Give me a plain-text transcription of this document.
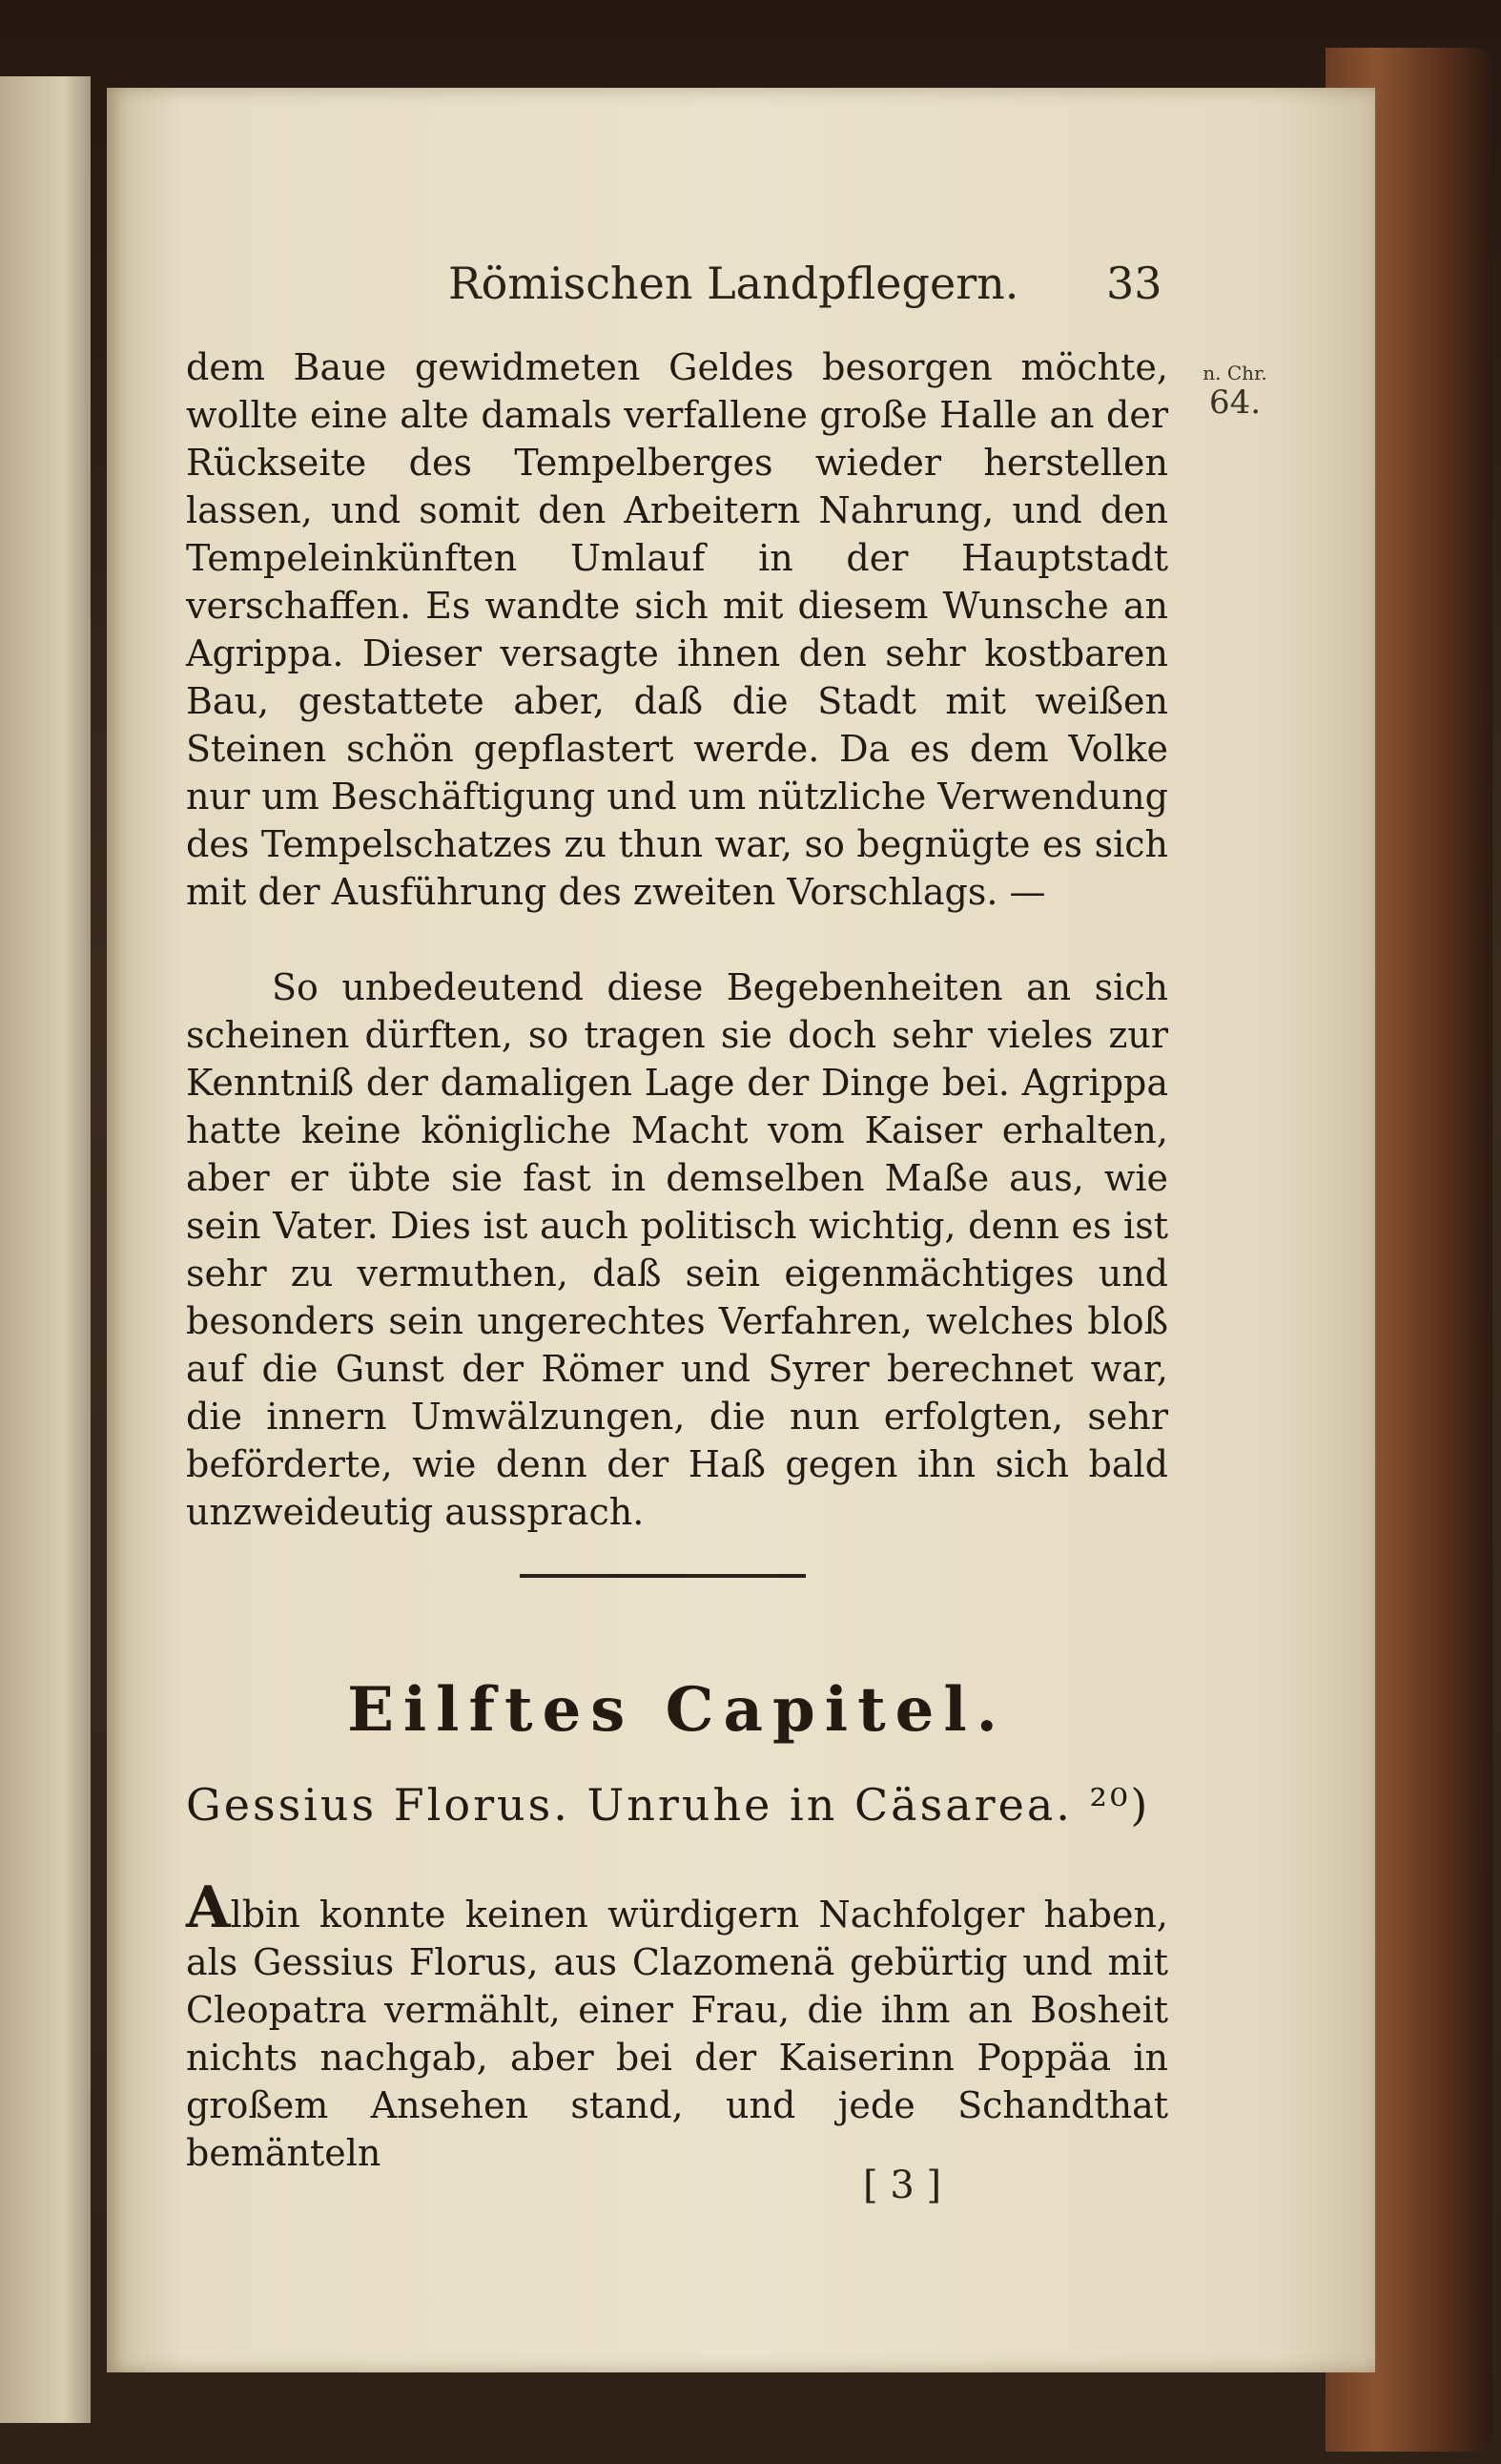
Römischen Landpflegern. 33
n. Chr.
64.

dem Baue gewidmeten Geldes besorgen möchte, wollte eine alte damals verfallene große Halle an der Rückseite des Tempelberges wieder herstellen lassen, und somit den Arbeitern Nahrung, und den Tempeleinkünften Umlauf in der Hauptstadt verschaffen. Es wandte sich mit diesem Wunsche an Agrippa. Dieser versagte ihnen den sehr kostbaren Bau, gestattete aber, daß die Stadt mit weißen Steinen schön gepflastert werde. Da es dem Volke nur um Beschäftigung und um nützliche Verwendung des Tempelschatzes zu thun war, so begnügte es sich mit der Ausführung des zweiten Vorschlags. —

So unbedeutend diese Begebenheiten an sich scheinen dürften, so tragen sie doch sehr vieles zur Kenntniß der damaligen Lage der Dinge bei. Agrippa hatte keine königliche Macht vom Kaiser erhalten, aber er übte sie fast in demselben Maße aus, wie sein Vater. Dies ist auch politisch wichtig, denn es ist sehr zu vermuthen, daß sein eigenmächtiges und besonders sein ungerechtes Verfahren, welches bloß auf die Gunst der Römer und Syrer berechnet war, die innern Umwälzungen, die nun erfolgten, sehr beförderte, wie denn der Haß gegen ihn sich bald unzweideutig aussprach.

Eilftes Capitel.
Gessius Florus. Unruhe in Cäsarea. ²⁰)

Albin konnte keinen würdigern Nachfolger haben, als Gessius Florus, aus Clazomenä gebürtig und mit Cleopatra vermählt, einer Frau, die ihm an Bosheit nichts nachgab, aber bei der Kaiserinn Poppäa in großem Ansehen stand, und jede Schandthat bemänteln

[ 3 ]
